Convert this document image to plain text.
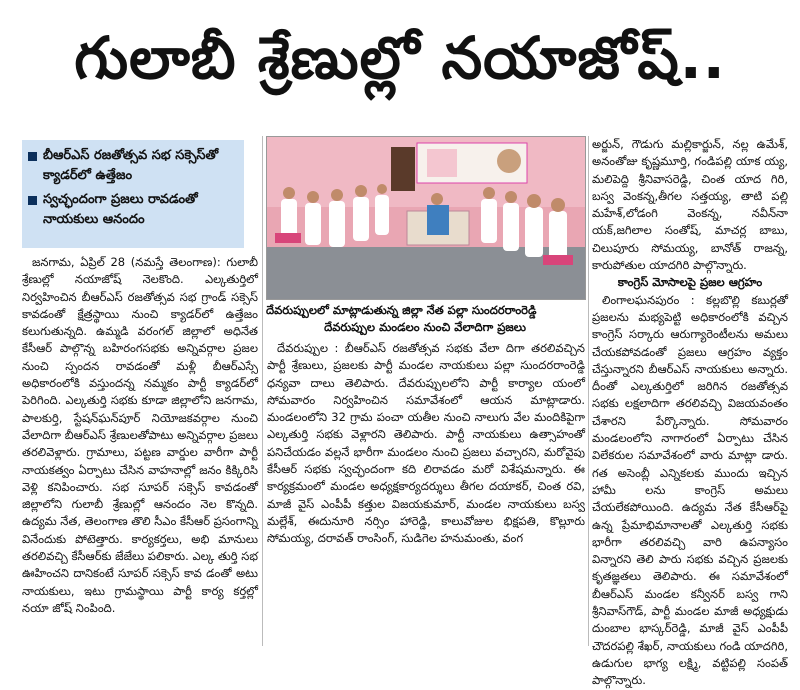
గులాబీ శ్రేణుల్లో నయాజోష్..
బీఆర్ఎస్ రజతోత్సవ సభ సక్సెస్‌తో క్యాడర్‌లో ఉత్తేజం
స్వచ్ఛందంగా ప్రజలు రావడంతో నాయకులు ఆనందం

జనగామ, ఏప్రిల్ 28 (నమస్తే తెలంగాణ): గులాబీ శ్రేణుల్లో నయాజోష్ నెలకొంది. ఎల్కతుర్తిలో నిర్వహించిన బీఆర్ఎస్ రజతోత్సవ సభ గ్రాండ్ సక్సెస్ కావడంతో క్షేత్రస్థాయి నుంచి క్యాడర్‌లో ఉత్తేజం కలుగుతున్నది. ఉమ్మడి వరంగల్ జిల్లాలో అధినేత కేసీఆర్ పాల్గొన్న బహిరంగసభకు అన్నివర్గాల ప్రజల నుంచి స్పందన రావడంతో మళ్లీ బీఆర్ఎస్సే అధికారంలోకి వస్తుందన్న నమ్మకం పార్టీ క్యాడర్‌లో పెరిగింది. ఎల్కతుర్తి సభకు కూడా జిల్లాలోని జనగామ, పాలకుర్తి, స్టేషన్‌ఘన్‌పూర్ నియోజకవర్గాల నుంచి వేలాదిగా బీఆర్ఎస్ శ్రేణులతోపాటు అన్నివర్గాల ప్రజలు తరలివెళ్లారు. గ్రామాలు, పట్టణ వార్డుల వారీగా పార్టీ నాయకత్వం ఏర్పాటు చేసిన వాహనాల్లో జనం కిక్కిరిసి వెళ్లి కనిపించారు. సభ సూపర్ సక్సెస్ కావడంతో జిల్లాలోని గులాబీ శ్రేణుల్లో ఆనందం నెల కొన్నది. ఉద్యమ నేత, తెలంగాణ తొలి సీఎం కేసీఆర్ ప్రసంగాన్ని వినేందుకు పోటెత్తారు. కార్యకర్తలు, అభి మానులు తరలివచ్చి కేసీఆర్‌కు జేజేలు పలికారు. ఎల్క తుర్తి సభ ఊహించని దానికంటే సూపర్ సక్సెస్ కావ డంతో అటు నాయకులు, ఇటు గ్రామస్థాయి పార్టీ కార్య కర్తల్లో నయా జోష్ నింపింది.

దేవరుప్పులలో మాట్లాడుతున్న జిల్లా నేత పల్లా సుందరరాంరెడ్డి
దేవరుప్పుల మండలం నుంచి వేలాదిగా ప్రజలు

దేవరుప్పుల : బీఆర్ఎస్ రజతోత్సవ సభకు వేలా దిగా తరలివచ్చిన పార్టీ శ్రేణులు, ప్రజలకు పార్టీ మండల నాయకులు పల్లా సుందరరాంరెడ్డి ధన్యవా దాలు తెలిపారు. దేవరుప్పులలోని పార్టీ కార్యాల యంలో సోమవారం నిర్వహించిన సమావేశంలో ఆయన మాట్లాడారు. మండలంలోని 32 గ్రామ పంచా యతీల నుంచి నాలుగు వేల మందికిపైగా ఎల్కతుర్తి సభకు వెళ్లారని తెలిపారు. పార్టీ నాయకులు ఉత్సాహంతో పనిచేయడం వల్లనే భారీగా మండలం నుంచి ప్రజలు వచ్చారని, మరోవైపు కేసీఆర్ సభకు స్వచ్ఛందంగా కది లిరావడం మరో విశేషమన్నారు. ఈ కార్యక్రమంలో మండల అధ్యక్షకార్యదర్శులు తీగల దయాకర్, చింత రవి, మాజీ వైస్ ఎంపీపీ కత్తుల విజయకుమార్, మండల నాయకులు బస్వ మల్లేశ్, ఈదునూరి నర్సిం హారెడ్డి, కాలువోజుల భిక్షపతి, కొల్లూరు సోమయ్య, దరావత్ రాంసింగ్, సుడిగెల హనుమంతు, వంగ

అర్జున్, గౌడుగు మల్లికార్జున్, నల్ల ఉమేశ్, అనంతోజు కృష్ణమూర్తి, గండిపల్లి యాక య్య, మలిపెద్ది శ్రీనివాసరెడ్డి, చింత యాద గిరి, బస్వ వెంకన్న,తీగల సత్తయ్య, తాటి పల్లి మహేశ్,లోడంగి వెంకన్న, నవీన్‌నా యక్,జగిలాల సంతోష్, మాచర్ల బాబు, చిలుపూరు సోమయ్య, బానోత్ రాజన్న, కారుపోతుల యాదగిరి పాల్గొన్నారు.

కాంగ్రెస్ మోసాలపై ప్రజల ఆగ్రహం

లింగాలఘనపురం : కల్లబొల్లి కబుర్లతో ప్రజలను మభ్యపెట్టి అధికారంలోకి వచ్చిన కాంగ్రెస్ సర్కారు ఆరుగ్యారెంటీలను అమలు చేయకపోవడంతో ప్రజలు ఆగ్రహం వ్యక్తం చేస్తున్నారని బీఆర్ఎస్ నాయకులు అన్నారు. దీంతో ఎల్కతుర్తిలో జరిగిన రజతోత్సవ సభకు లక్షలాదిగా తరలివచ్చి విజయవంతం చేశారని పేర్కొన్నారు. సోమవారం మండలంలోని నాగారంలో ఏర్పాటు చేసిన విలేకరుల సమావేశంలో వారు మాట్లా డారు. గత అసెంబ్లీ ఎన్నికలకు ముందు ఇచ్చిన హామీ లను కాంగ్రెస్ అమలు చేయలేకపోయింది. ఉద్యమ నేత కేసీఆర్‌పై ఉన్న ప్రేమాభిమానాలతో ఎల్కతుర్తి సభకు భారీగా తరలివచ్చి వారి ఉపన్యాసం విన్నారని తెలి పారు సభకు వచ్చిన ప్రజలకు కృతజ్ఞతలు తెలిపారు. ఈ సమావేశంలో బీఆర్ఎస్ మండల కన్వీనర్ బస్వ గాని శ్రీనివాస్‌గౌడ్, పార్టీ మండల మాజీ అధ్యక్షుడు దుంబాల భాస్కర్‌రెడ్డి, మాజీ వైస్ ఎంపీపీ చౌదరపల్లి శేఖర్, నాయకులు గండి యాదగిరి, ఉడుగుల భాగ్య లక్ష్మి, వట్టిపల్లి సంపత్ పాల్గొన్నారు.
